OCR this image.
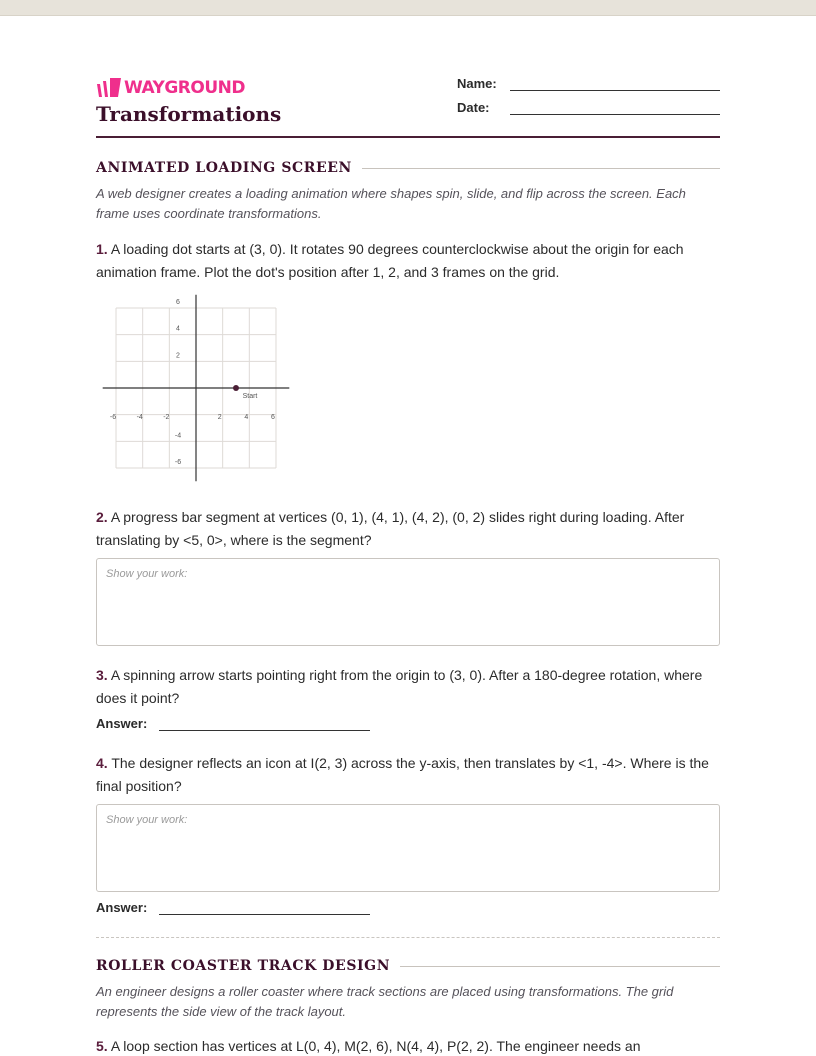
WAYGROUND
Transformations
Name:
Date:
ANIMATED LOADING SCREEN
A web designer creates a loading animation where shapes spin, slide, and flip across the screen. Each frame uses coordinate transformations.
1. A loading dot starts at (3, 0). It rotates 90 degrees counterclockwise about the origin for each animation frame. Plot the dot's position after 1, 2, and 3 frames on the grid.
-6	-4	-2	2	4	6
6
4
2
-4
-6
Start
2. A progress bar segment at vertices (0, 1), (4, 1), (4, 2), (0, 2) slides right during loading. After translating by <5, 0>, where is the segment?
Show your work:
3. A spinning arrow starts pointing right from the origin to (3, 0). After a 180-degree rotation, where does it point?
Answer:
4. The designer reflects an icon at I(2, 3) across the y-axis, then translates by <1, -4>. Where is the final position?
Show your work:
Answer:
ROLLER COASTER TRACK DESIGN
An engineer designs a roller coaster where track sections are placed using transformations. The grid represents the side view of the track layout.
5. A loop section has vertices at L(0, 4), M(2, 6), N(4, 4), P(2, 2). The engineer needs an
